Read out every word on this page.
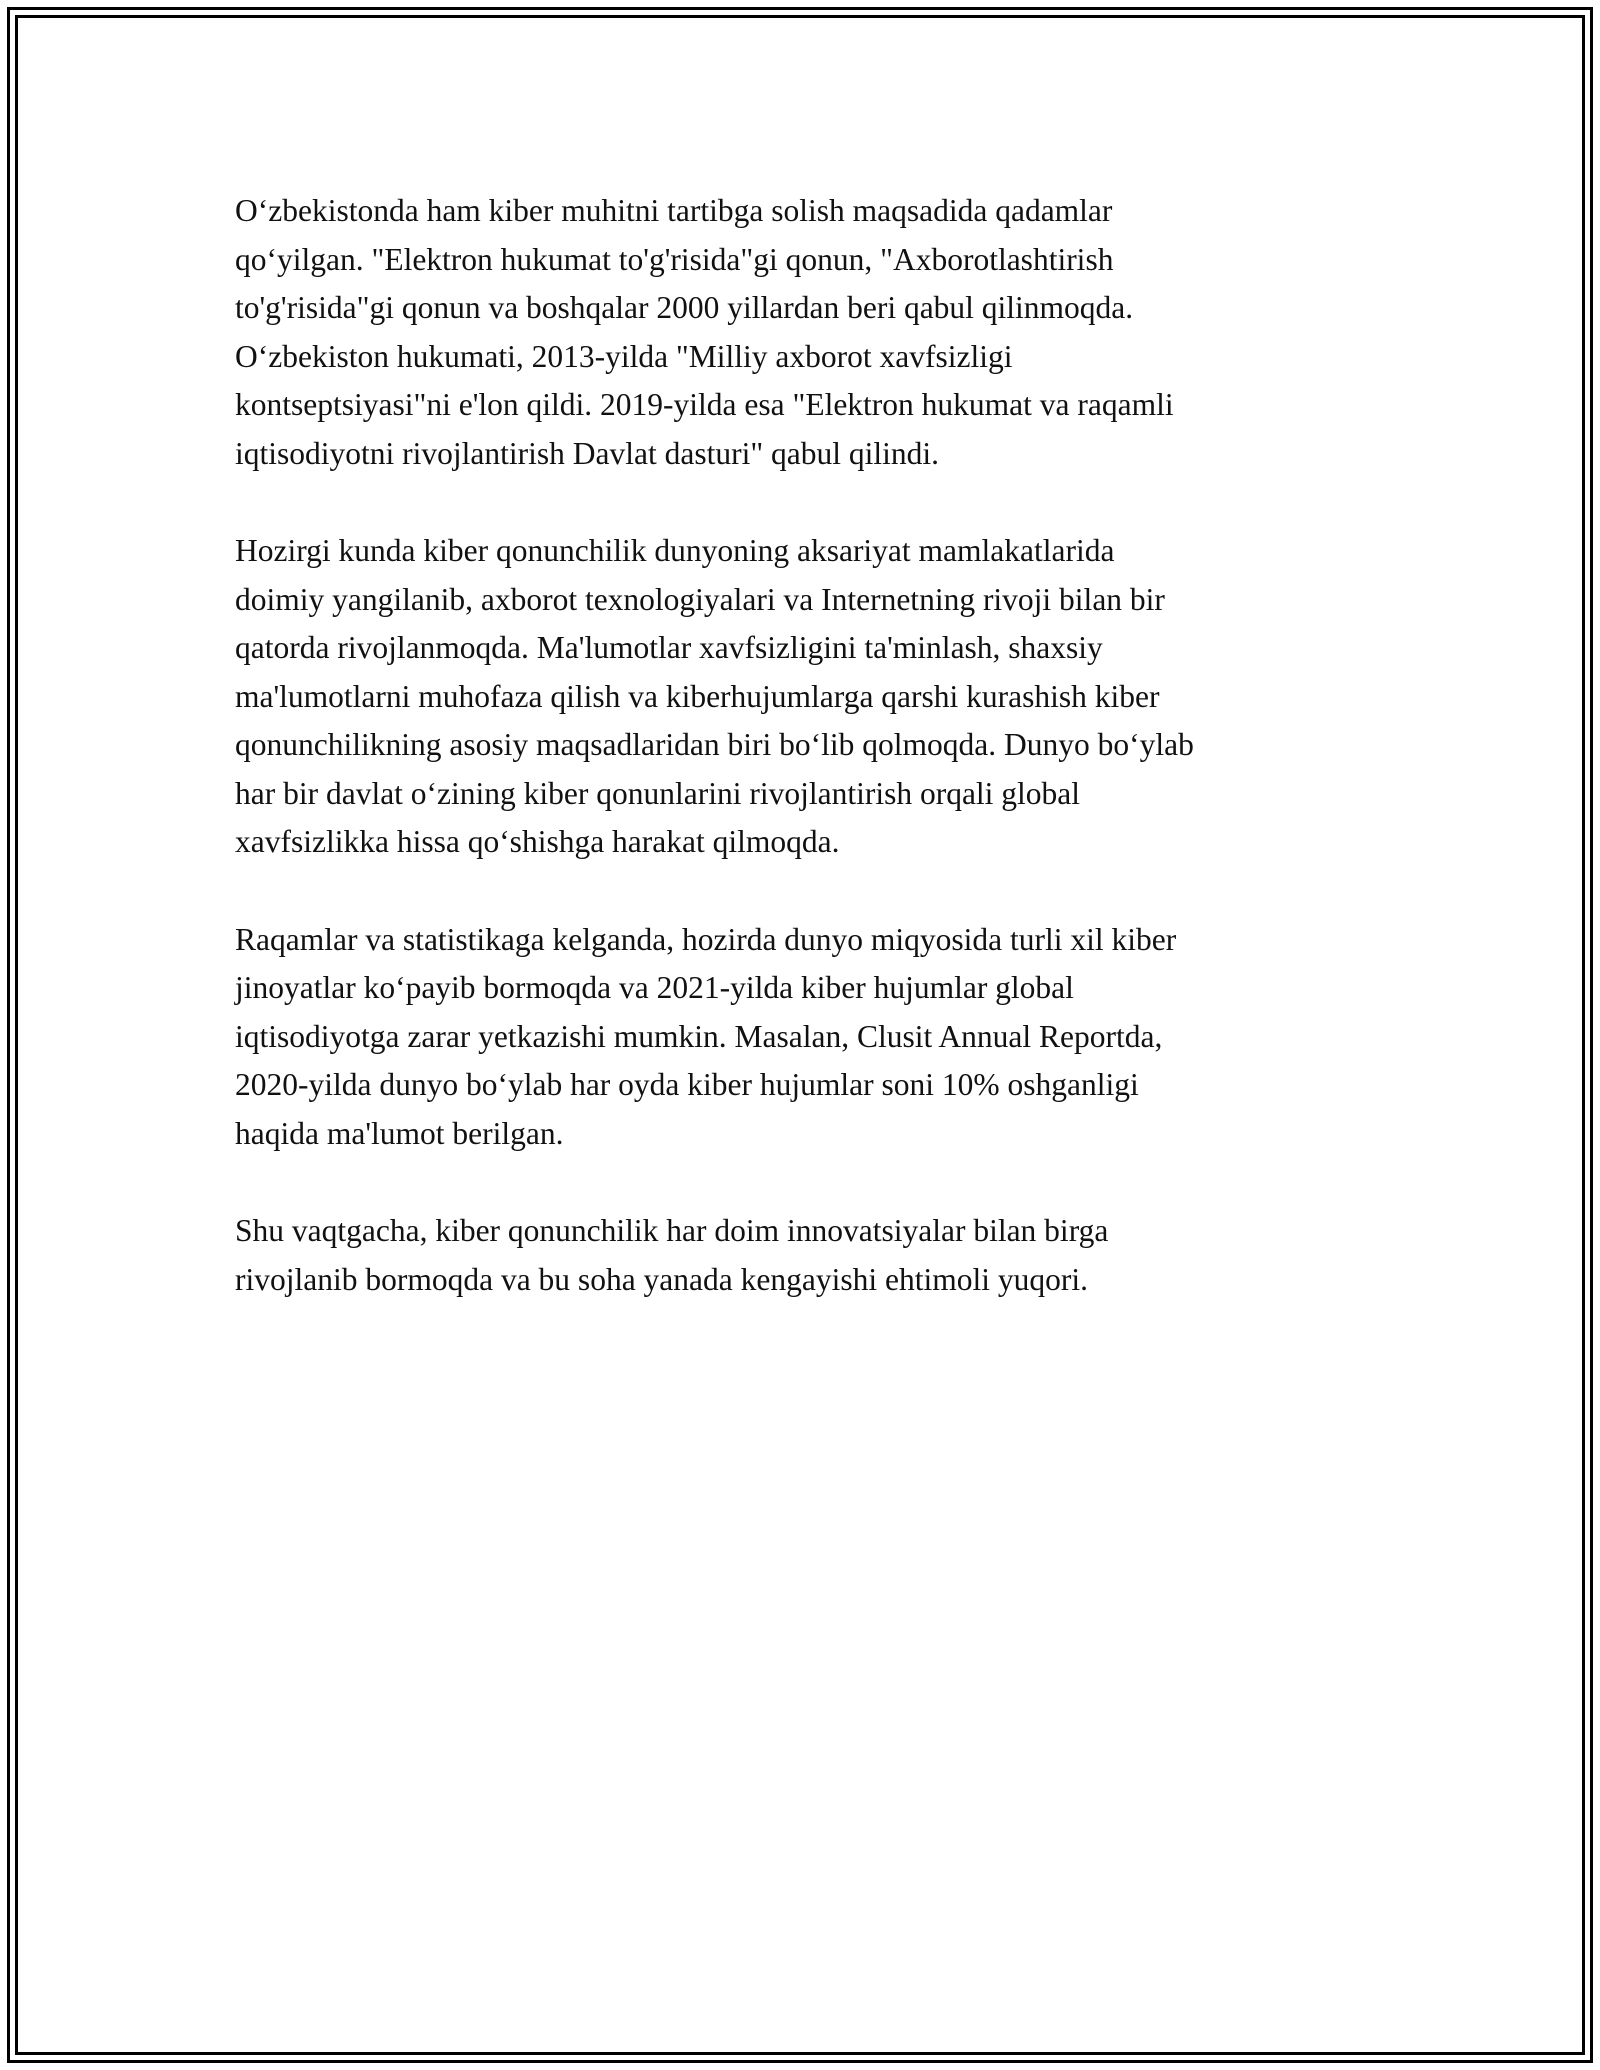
O‘zbekistonda ham kiber muhitni tartibga solish maqsadida qadamlar
qo‘yilgan. "Elektron hukumat to'g'risida"gi qonun, "Axborotlashtirish
to'g'risida"gi qonun va boshqalar 2000 yillardan beri qabul qilinmoqda.
O‘zbekiston hukumati, 2013-yilda "Milliy axborot xavfsizligi
kontseptsiyasi"ni e'lon qildi. 2019-yilda esa "Elektron hukumat va raqamli
iqtisodiyotni rivojlantirish Davlat dasturi" qabul qilindi.

Hozirgi kunda kiber qonunchilik dunyoning aksariyat mamlakatlarida
doimiy yangilanib, axborot texnologiyalari va Internetning rivoji bilan bir
qatorda rivojlanmoqda. Ma'lumotlar xavfsizligini ta'minlash, shaxsiy
ma'lumotlarni muhofaza qilish va kiberhujumlarga qarshi kurashish kiber
qonunchilikning asosiy maqsadlaridan biri bo‘lib qolmoqda. Dunyo bo‘ylab
har bir davlat o‘zining kiber qonunlarini rivojlantirish orqali global
xavfsizlikka hissa qo‘shishga harakat qilmoqda.

Raqamlar va statistikaga kelganda, hozirda dunyo miqyosida turli xil kiber
jinoyatlar ko‘payib bormoqda va 2021-yilda kiber hujumlar global
iqtisodiyotga zarar yetkazishi mumkin. Masalan, Clusit Annual Reportda,
2020-yilda dunyo bo‘ylab har oyda kiber hujumlar soni 10% oshganligi
haqida ma'lumot berilgan.

Shu vaqtgacha, kiber qonunchilik har doim innovatsiyalar bilan birga
rivojlanib bormoqda va bu soha yanada kengayishi ehtimoli yuqori.
